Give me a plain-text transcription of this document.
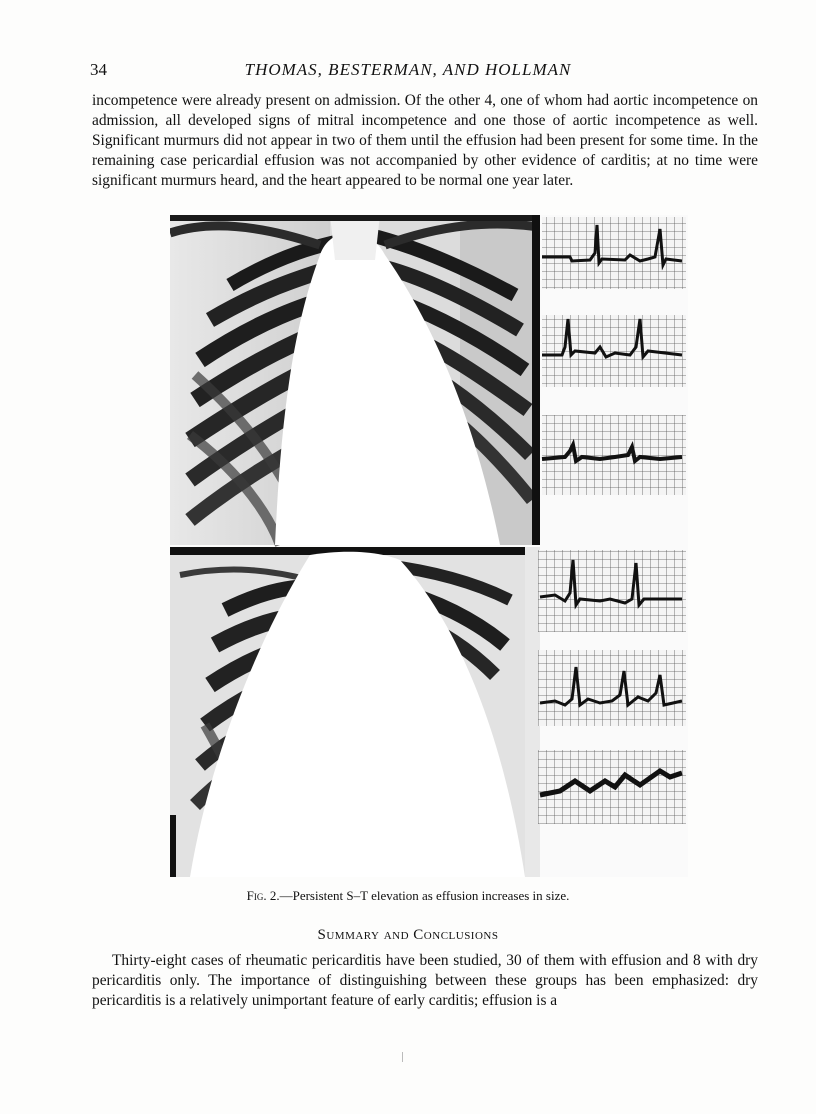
34	THOMAS, BESTERMAN, AND HOLLMAN

incompetence were already present on admission. Of the other 4, one of whom had aortic incompetence on admission, all developed signs of mitral incompetence and one those of aortic incompetence as well. Significant murmurs did not appear in two of them until the effusion had been present for some time. In the remaining case pericardial effusion was not accompanied by other evidence of carditis; at no time were significant murmurs heard, and the heart appeared to be normal one year later.

Fig. 2.—Persistent S–T elevation as effusion increases in size.
Summary and Conclusions

Thirty-eight cases of rheumatic pericarditis have been studied, 30 of them with effusion and 8 with dry pericarditis only. The importance of distinguishing between these groups has been emphasized: dry pericarditis is a relatively unimportant feature of early carditis; effusion is a
